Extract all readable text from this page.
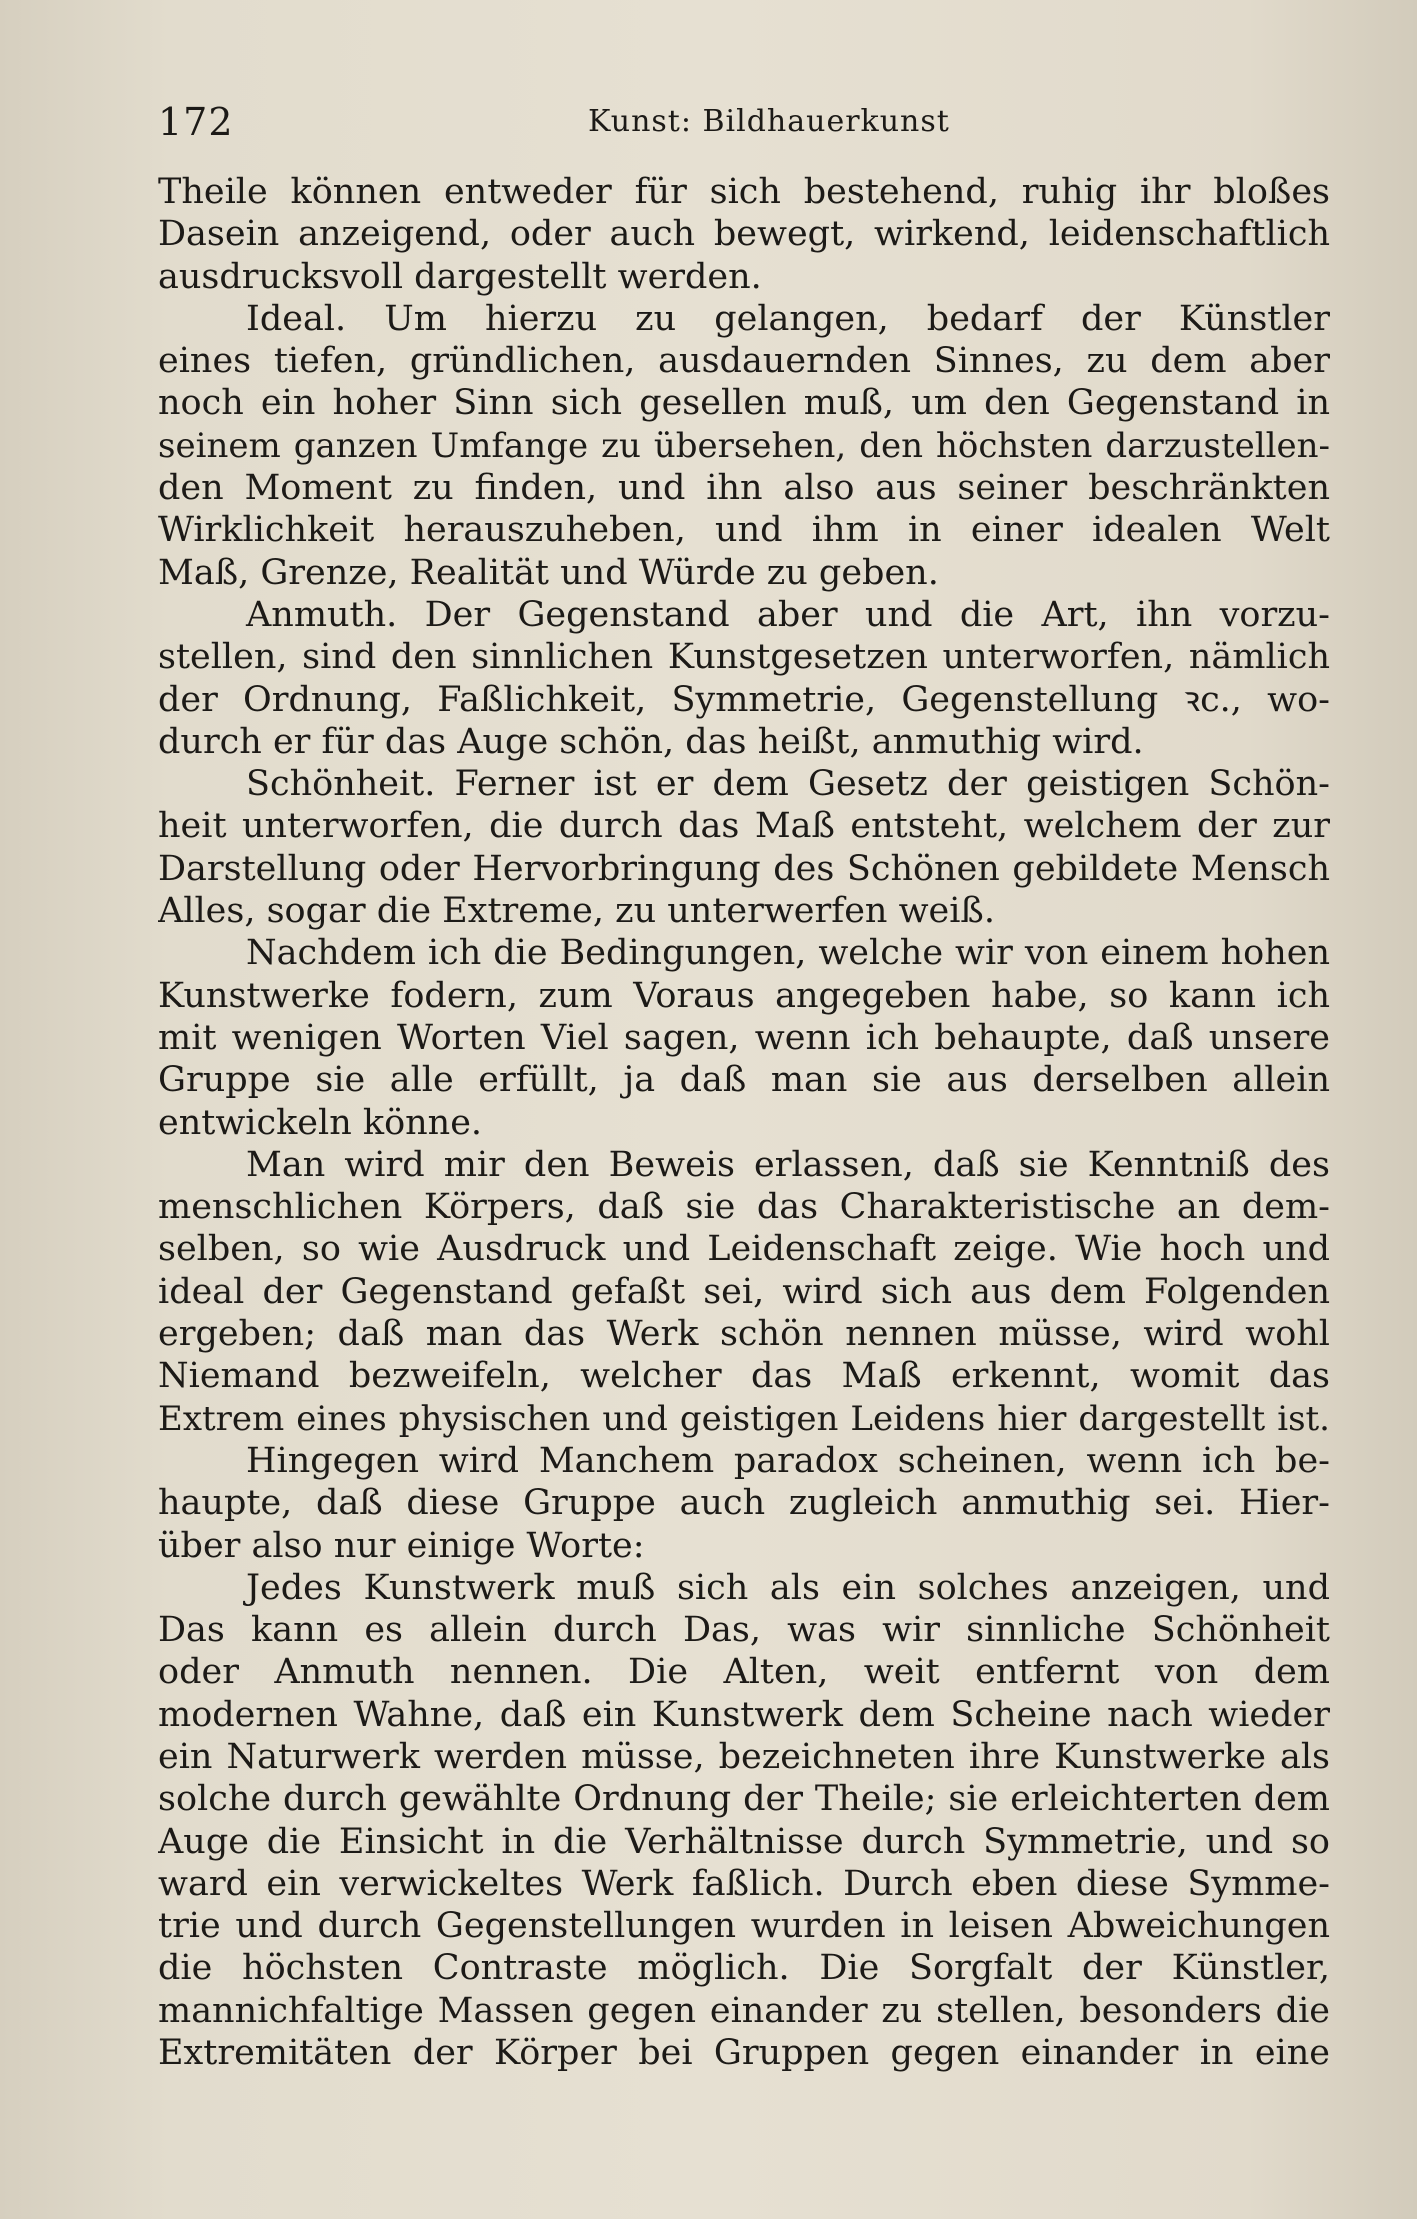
172	Kunst: Bildhauerkunst
Theile können entweder für sich bestehend, ruhig ihr bloßes
Dasein anzeigend, oder auch bewegt, wirkend, leidenschaftlich
ausdrucksvoll dargestellt werden.
Ideal. Um hierzu zu gelangen, bedarf der Künstler
eines tiefen, gründlichen, ausdauernden Sinnes, zu dem aber
noch ein hoher Sinn sich gesellen muß, um den Gegenstand in
seinem ganzen Umfange zu übersehen, den höchsten darzustellen-
den Moment zu finden, und ihn also aus seiner beschränkten
Wirklichkeit herauszuheben, und ihm in einer idealen Welt
Maß, Grenze, Realität und Würde zu geben.
Anmuth. Der Gegenstand aber und die Art, ihn vorzu-
stellen, sind den sinnlichen Kunstgesetzen unterworfen, nämlich
der Ordnung, Faßlichkeit, Symmetrie, Gegenstellung ꝛc., wo-
durch er für das Auge schön, das heißt, anmuthig wird.
Schönheit. Ferner ist er dem Gesetz der geistigen Schön-
heit unterworfen, die durch das Maß entsteht, welchem der zur
Darstellung oder Hervorbringung des Schönen gebildete Mensch
Alles, sogar die Extreme, zu unterwerfen weiß.
Nachdem ich die Bedingungen, welche wir von einem hohen
Kunstwerke fodern, zum Voraus angegeben habe, so kann ich
mit wenigen Worten Viel sagen, wenn ich behaupte, daß unsere
Gruppe sie alle erfüllt, ja daß man sie aus derselben allein
entwickeln könne.
Man wird mir den Beweis erlassen, daß sie Kenntniß des
menschlichen Körpers, daß sie das Charakteristische an dem-
selben, so wie Ausdruck und Leidenschaft zeige. Wie hoch und
ideal der Gegenstand gefaßt sei, wird sich aus dem Folgenden
ergeben; daß man das Werk schön nennen müsse, wird wohl
Niemand bezweifeln, welcher das Maß erkennt, womit das
Extrem eines physischen und geistigen Leidens hier dargestellt ist.
Hingegen wird Manchem paradox scheinen, wenn ich be-
haupte, daß diese Gruppe auch zugleich anmuthig sei. Hier-
über also nur einige Worte:
Jedes Kunstwerk muß sich als ein solches anzeigen, und
Das kann es allein durch Das, was wir sinnliche Schönheit
oder Anmuth nennen. Die Alten, weit entfernt von dem
modernen Wahne, daß ein Kunstwerk dem Scheine nach wieder
ein Naturwerk werden müsse, bezeichneten ihre Kunstwerke als
solche durch gewählte Ordnung der Theile; sie erleichterten dem
Auge die Einsicht in die Verhältnisse durch Symmetrie, und so
ward ein verwickeltes Werk faßlich. Durch eben diese Symme-
trie und durch Gegenstellungen wurden in leisen Abweichungen
die höchsten Contraste möglich. Die Sorgfalt der Künstler,
mannichfaltige Massen gegen einander zu stellen, besonders die
Extremitäten der Körper bei Gruppen gegen einander in eine
